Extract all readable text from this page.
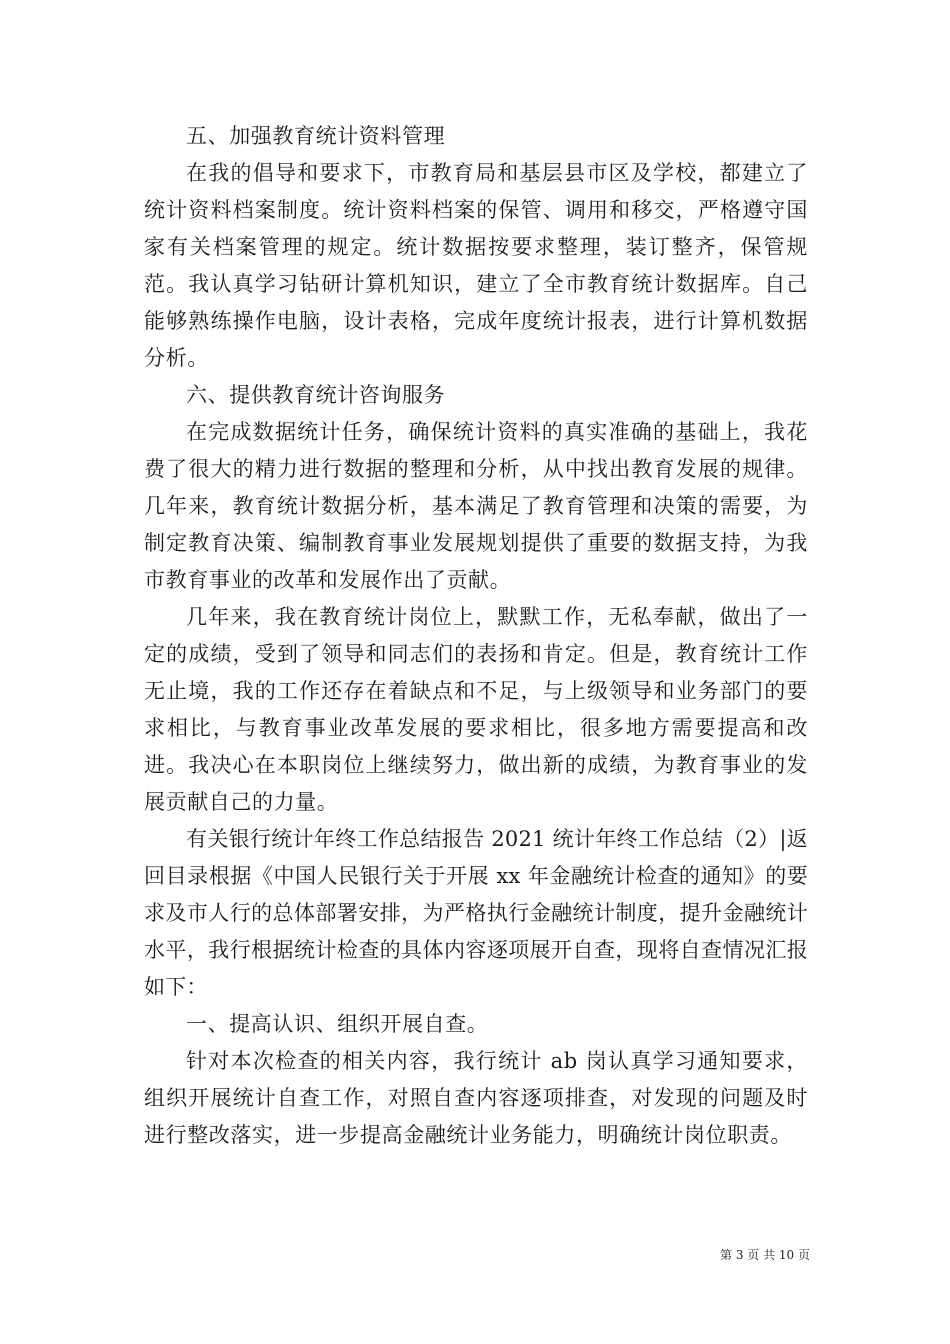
五、加强教育统计资料管理

在我的倡导和要求下，市教育局和基层县市区及学校，都建立了统计资料档案制度。统计资料档案的保管、调用和移交，严格遵守国家有关档案管理的规定。统计数据按要求整理，装订整齐，保管规范。我认真学习钻研计算机知识，建立了全市教育统计数据库。自己能够熟练操作电脑，设计表格，完成年度统计报表，进行计算机数据分析。

六、提供教育统计咨询服务

在完成数据统计任务，确保统计资料的真实准确的基础上，我花费了很大的精力进行数据的整理和分析，从中找出教育发展的规律。几年来，教育统计数据分析，基本满足了教育管理和决策的需要，为制定教育决策、编制教育事业发展规划提供了重要的数据支持，为我市教育事业的改革和发展作出了贡献。

几年来，我在教育统计岗位上，默默工作，无私奉献，做出了一定的成绩，受到了领导和同志们的表扬和肯定。但是，教育统计工作无止境，我的工作还存在着缺点和不足，与上级领导和业务部门的要求相比，与教育事业改革发展的要求相比，很多地方需要提高和改进。我决心在本职岗位上继续努力，做出新的成绩，为教育事业的发展贡献自己的力量。

有关银行统计年终工作总结报告 2021 统计年终工作总结（2）|返回目录根据《中国人民银行关于开展 xx 年金融统计检查的通知》的要求及市人行的总体部署安排，为严格执行金融统计制度，提升金融统计水平，我行根据统计检查的具体内容逐项展开自查，现将自查情况汇报如下：

一、提高认识、组织开展自查。

针对本次检查的相关内容，我行统计 ab 岗认真学习通知要求，组织开展统计自查工作，对照自查内容逐项排查，对发现的问题及时进行整改落实，进一步提高金融统计业务能力，明确统计岗位职责。

第 3 页 共 10 页
